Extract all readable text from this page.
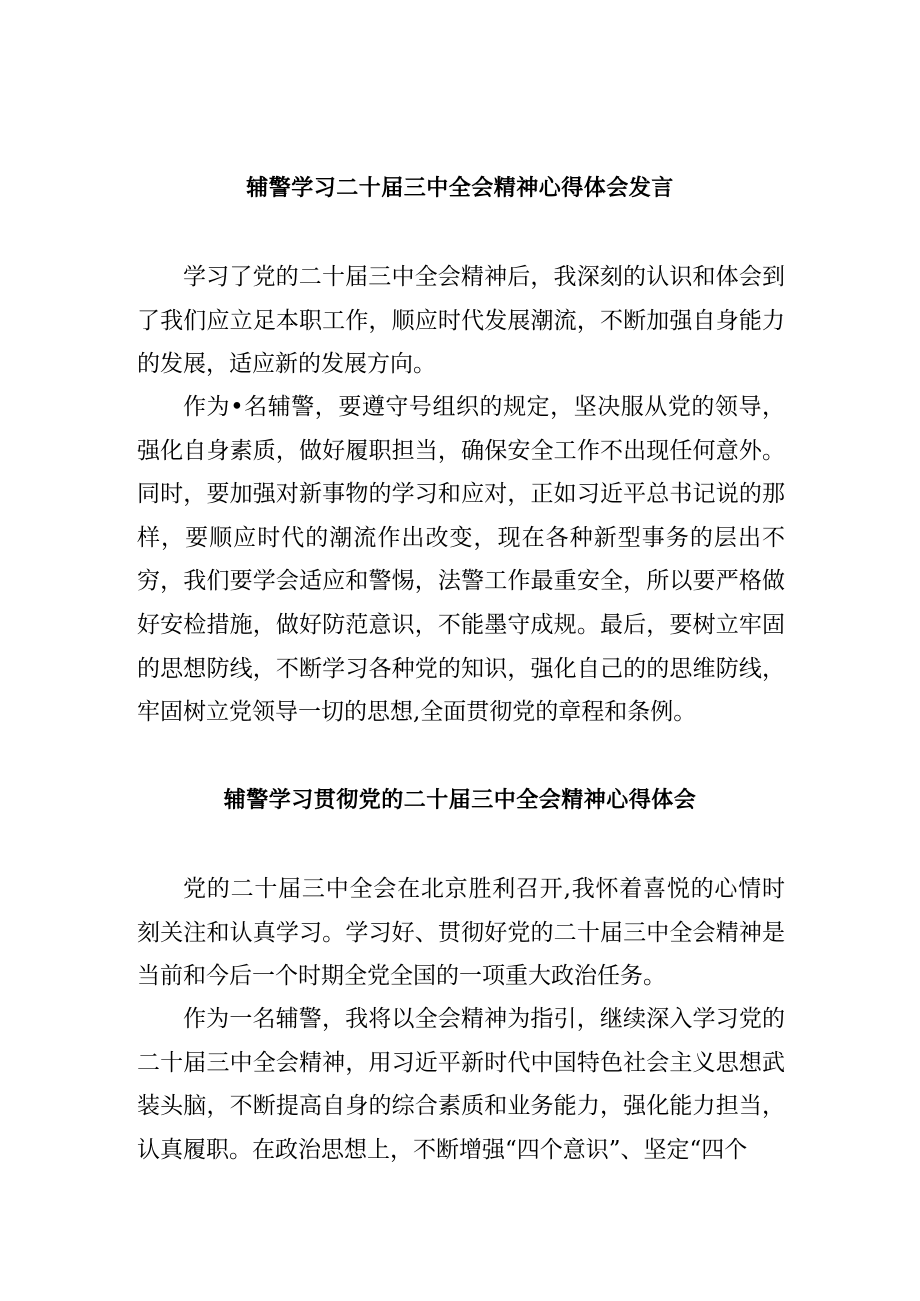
辅警学习二十届三中全会精神心得体会发言

学习了党的二十届三中全会精神后，我深刻的认识和体会到了我们应立足本职工作，顺应时代发展潮流，不断加强自身能力的发展，适应新的发展方向。

作为•名辅警，要遵守号组织的规定，坚决服从党的领导，强化自身素质，做好履职担当，确保安全工作不出现任何意外。同时，要加强对新事物的学习和应对，正如习近平总书记说的那样，要顺应时代的潮流作出改变，现在各种新型事务的层出不穷，我们要学会适应和警惕，法警工作最重安全，所以要严格做好安检措施，做好防范意识，不能墨守成规。最后，要树立牢固的思想防线，不断学习各种党的知识，强化自己的的思维防线，牢固树立党领导一切的思想,全面贯彻党的章程和条例。

辅警学习贯彻党的二十届三中全会精神心得体会

党的二十届三中全会在北京胜利召开,我怀着喜悦的心情时刻关注和认真学习。学习好、贯彻好党的二十届三中全会精神是当前和今后一个时期全党全国的一项重大政治任务。

作为一名辅警，我将以全会精神为指引，继续深入学习党的二十届三中全会精神，用习近平新时代中国特色社会主义思想武装头脑，不断提高自身的综合素质和业务能力，强化能力担当，认真履职。在政治思想上，不断增强“四个意识”、坚定“四个
